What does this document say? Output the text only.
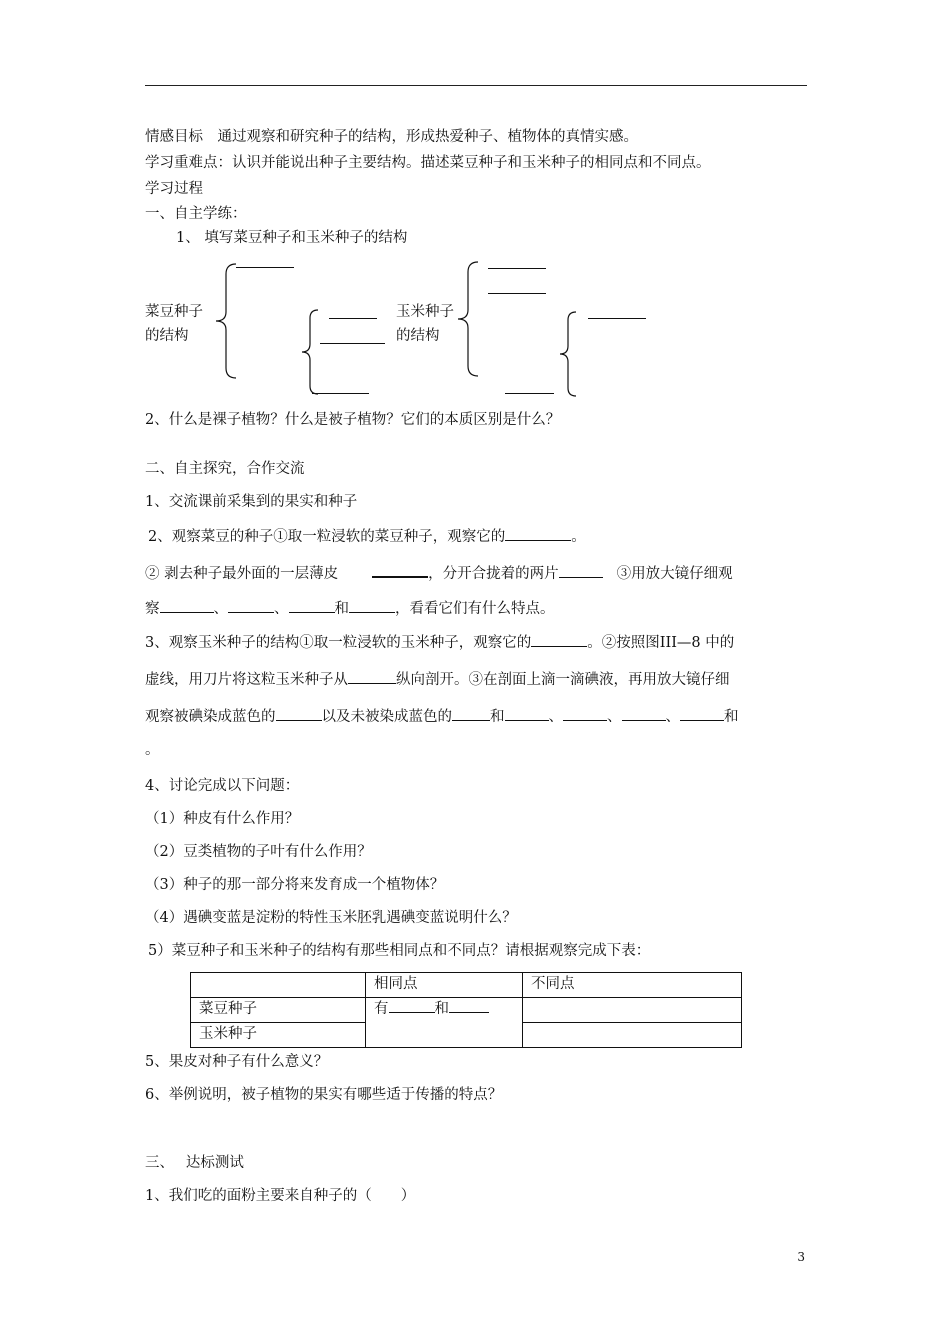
情感目标　通过观察和研究种子的结构，形成热爱种子、植物体的真情实感。
学习重难点：认识并能说出种子主要结构。描述菜豆种子和玉米种子的相同点和不同点。
学习过程
一、自主学练：
1、 填写菜豆种子和玉米种子的结构
菜豆种子
的结构
玉米种子
的结构
2、什么是裸子植物？什么是被子植物？它们的本质区别是什么？
二、自主探究，合作交流
1、交流课前采集到的果实和种子
2、观察菜豆的种子①取一粒浸软的菜豆种子，观察它的	。
② 剥去种子最外面的一层薄皮	，分开合拢着的两片	③用放大镜仔细观
察	、	、	和	，看看它们有什么特点。
3、观察玉米种子的结构①取一粒浸软的玉米种子，观察它的	。②按照图III—8 中的
虚线，用刀片将这粒玉米种子从	纵向剖开。③在剖面上滴一滴碘液，再用放大镜仔细
观察被碘染成蓝色的	以及未被染成蓝色的	和	、	、	、	和
。
4、讨论完成以下问题：
（1）种皮有什么作用？
（2）豆类植物的子叶有什么作用？
（3）种子的那一部分将来发育成一个植物体？
（4）遇碘变蓝是淀粉的特性玉米胚乳遇碘变蓝说明什么？
5）菜豆种子和玉米种子的结构有那些相同点和不同点？请根据观察完成下表：
	相同点	不同点
菜豆种子	有 和	
玉米种子		
5、果皮对种子有什么意义？
6、举例说明，被子植物的果实有哪些适于传播的特点？
三、　 达标测试
1、我们吃的面粉主要来自种子的（　　）
3
